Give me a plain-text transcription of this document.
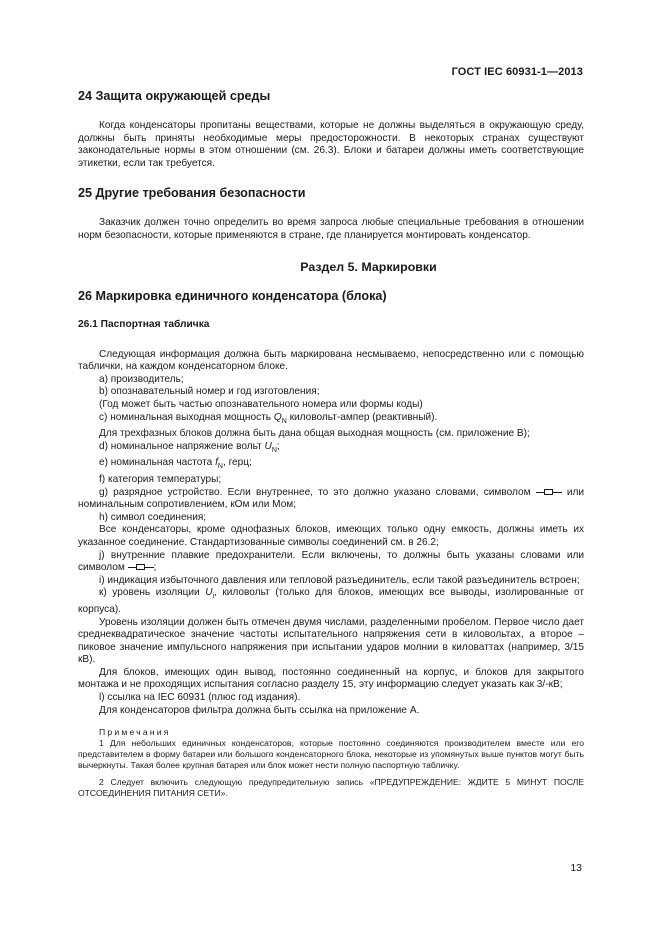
ГОСТ IEC 60931-1—2013
24 Защита окружающей среды

Когда конденсаторы пропитаны веществами, которые не должны выделяться в окружающую среду, должны быть приняты необходимые меры предосторожности. В некоторых странах существуют законодательные нормы в этом отношении (см. 26.3). Блоки и батареи должны иметь соответствующие этикетки, если так требуется.

25 Другие требования безопасности

Заказчик должен точно определить во время запроса любые специальные требования в отношении норм безопасности, которые применяются в стране, где планируется монтировать конденсатор.

Раздел 5. Маркировки
26 Маркировка единичного конденсатора (блока)
26.1 Паспортная табличка

Следующая информация должна быть маркирована несмываемо, непосредственно или с помощью таблички, на каждом конденсаторном блоке.

a) производитель;

b) опознавательный номер и год изготовления;

(Год может быть частью опознавательного номера или формы коды)

c) номинальная выходная мощность $Q_N$ киловольт-ампер (реактивный).

Для трехфазных блоков должна быть дана общая выходная мощность (см. приложение В);

d) номинальное напряжение вольт $U_N$;

e) номинальная частота $f_N$, герц;

f) категория температуры;

g) разрядное устройство. Если внутреннее, то это должно указано словами, символом	или номинальным сопротивлением, кОм или Мом;

h) символ соединения;

Все конденсаторы, кроме однофазных блоков, имеющих только одну емкость, должны иметь их указанное соединение. Стандартизованные символы соединений см. в 26.2;

j) внутренние плавкие предохранители. Если включены, то должны быть указаны словами или символом	;

i) индикация избыточного давления или тепловой разъединитель, если такой разъединитель встроен;

к) уровень изоляции $U_i$, киловольт (только для блоков, имеющих все выводы, изолированные от корпуса).

Уровень изоляции должен быть отмечен двумя числами, разделенными пробелом. Первое число дает среднеквадратическое значение частоты испытательного напряжения сети в киловольтах, а второе – пиковое значение импульсного напряжения при испытании ударов молнии в киловаттах (например, 3/15 кВ).

Для блоков, имеющих один вывод, постоянно соединенный на корпус, и блоков для закрытого монтажа и не проходящих испытания согласно разделу 15, эту информацию следует указать как 3/-кВ;

l) ссылка на IEC 60931 (плюс год издания).

Для конденсаторов фильтра должна быть ссылка на приложение А.

Примечания

1 Для небольших единичных конденсаторов, которые постоянно соединяются производителем вместе или его представителем в форму батареи или большого конденсаторного блока, некоторые из упомянутых выше пунктов могут быть вычеркнуты. Такая более крупная батарея или блок может нести полную паспортную табличку.

2 Следует включить следующую предупредительную запись «ПРЕДУПРЕЖДЕНИЕ: ЖДИТЕ 5 МИНУТ ПОСЛЕ ОТСОЕДИНЕНИЯ ПИТАНИЯ СЕТИ».

13
